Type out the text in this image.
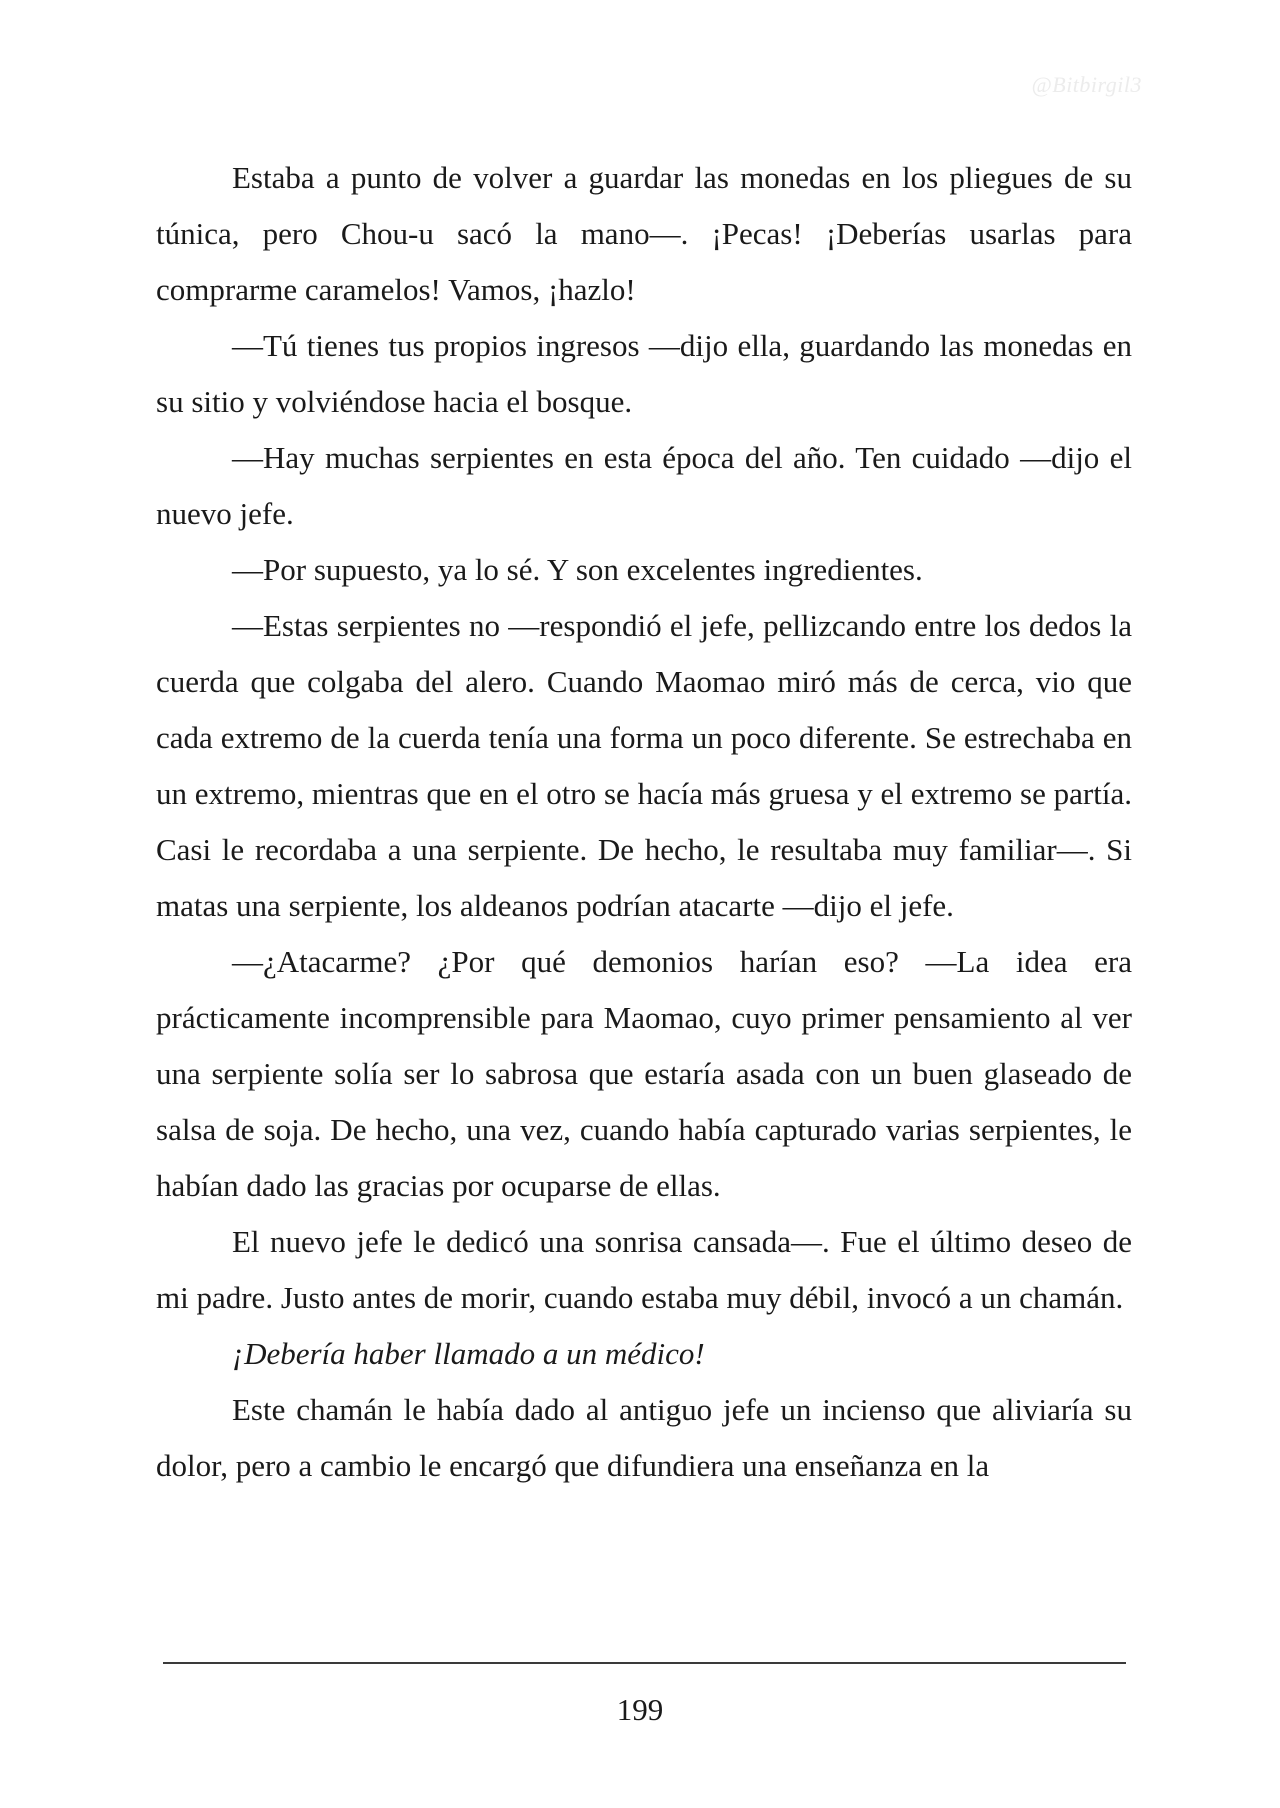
@Bitbirgil3

Estaba a punto de volver a guardar las monedas en los pliegues de su túnica, pero Chou-u sacó la mano—. ¡Pecas! ¡Deberías usarlas para comprarme caramelos! Vamos, ¡hazlo!

—Tú tienes tus propios ingresos —dijo ella, guardando las monedas en su sitio y volviéndose hacia el bosque.

—Hay muchas serpientes en esta época del año. Ten cuidado —dijo el nuevo jefe.

—Por supuesto, ya lo sé. Y son excelentes ingredientes.

—Estas serpientes no —respondió el jefe, pellizcando entre los dedos la cuerda que colgaba del alero. Cuando Maomao miró más de cerca, vio que cada extremo de la cuerda tenía una forma un poco diferente. Se estrechaba en un extremo, mientras que en el otro se hacía más gruesa y el extremo se partía. Casi le recordaba a una serpiente. De hecho, le resultaba muy familiar—. Si matas una serpiente, los aldeanos podrían atacarte —dijo el jefe.

—¿Atacarme? ¿Por qué demonios harían eso? —La idea era prácticamente incomprensible para Maomao, cuyo primer pensamiento al ver una serpiente solía ser lo sabrosa que estaría asada con un buen glaseado de salsa de soja. De hecho, una vez, cuando había capturado varias serpientes, le habían dado las gracias por ocuparse de ellas.

El nuevo jefe le dedicó una sonrisa cansada—. Fue el último deseo de mi padre. Justo antes de morir, cuando estaba muy débil, invocó a un chamán.

¡Debería haber llamado a un médico!

Este chamán le había dado al antiguo jefe un incienso que aliviaría su dolor, pero a cambio le encargó que difundiera una enseñanza en la

199
